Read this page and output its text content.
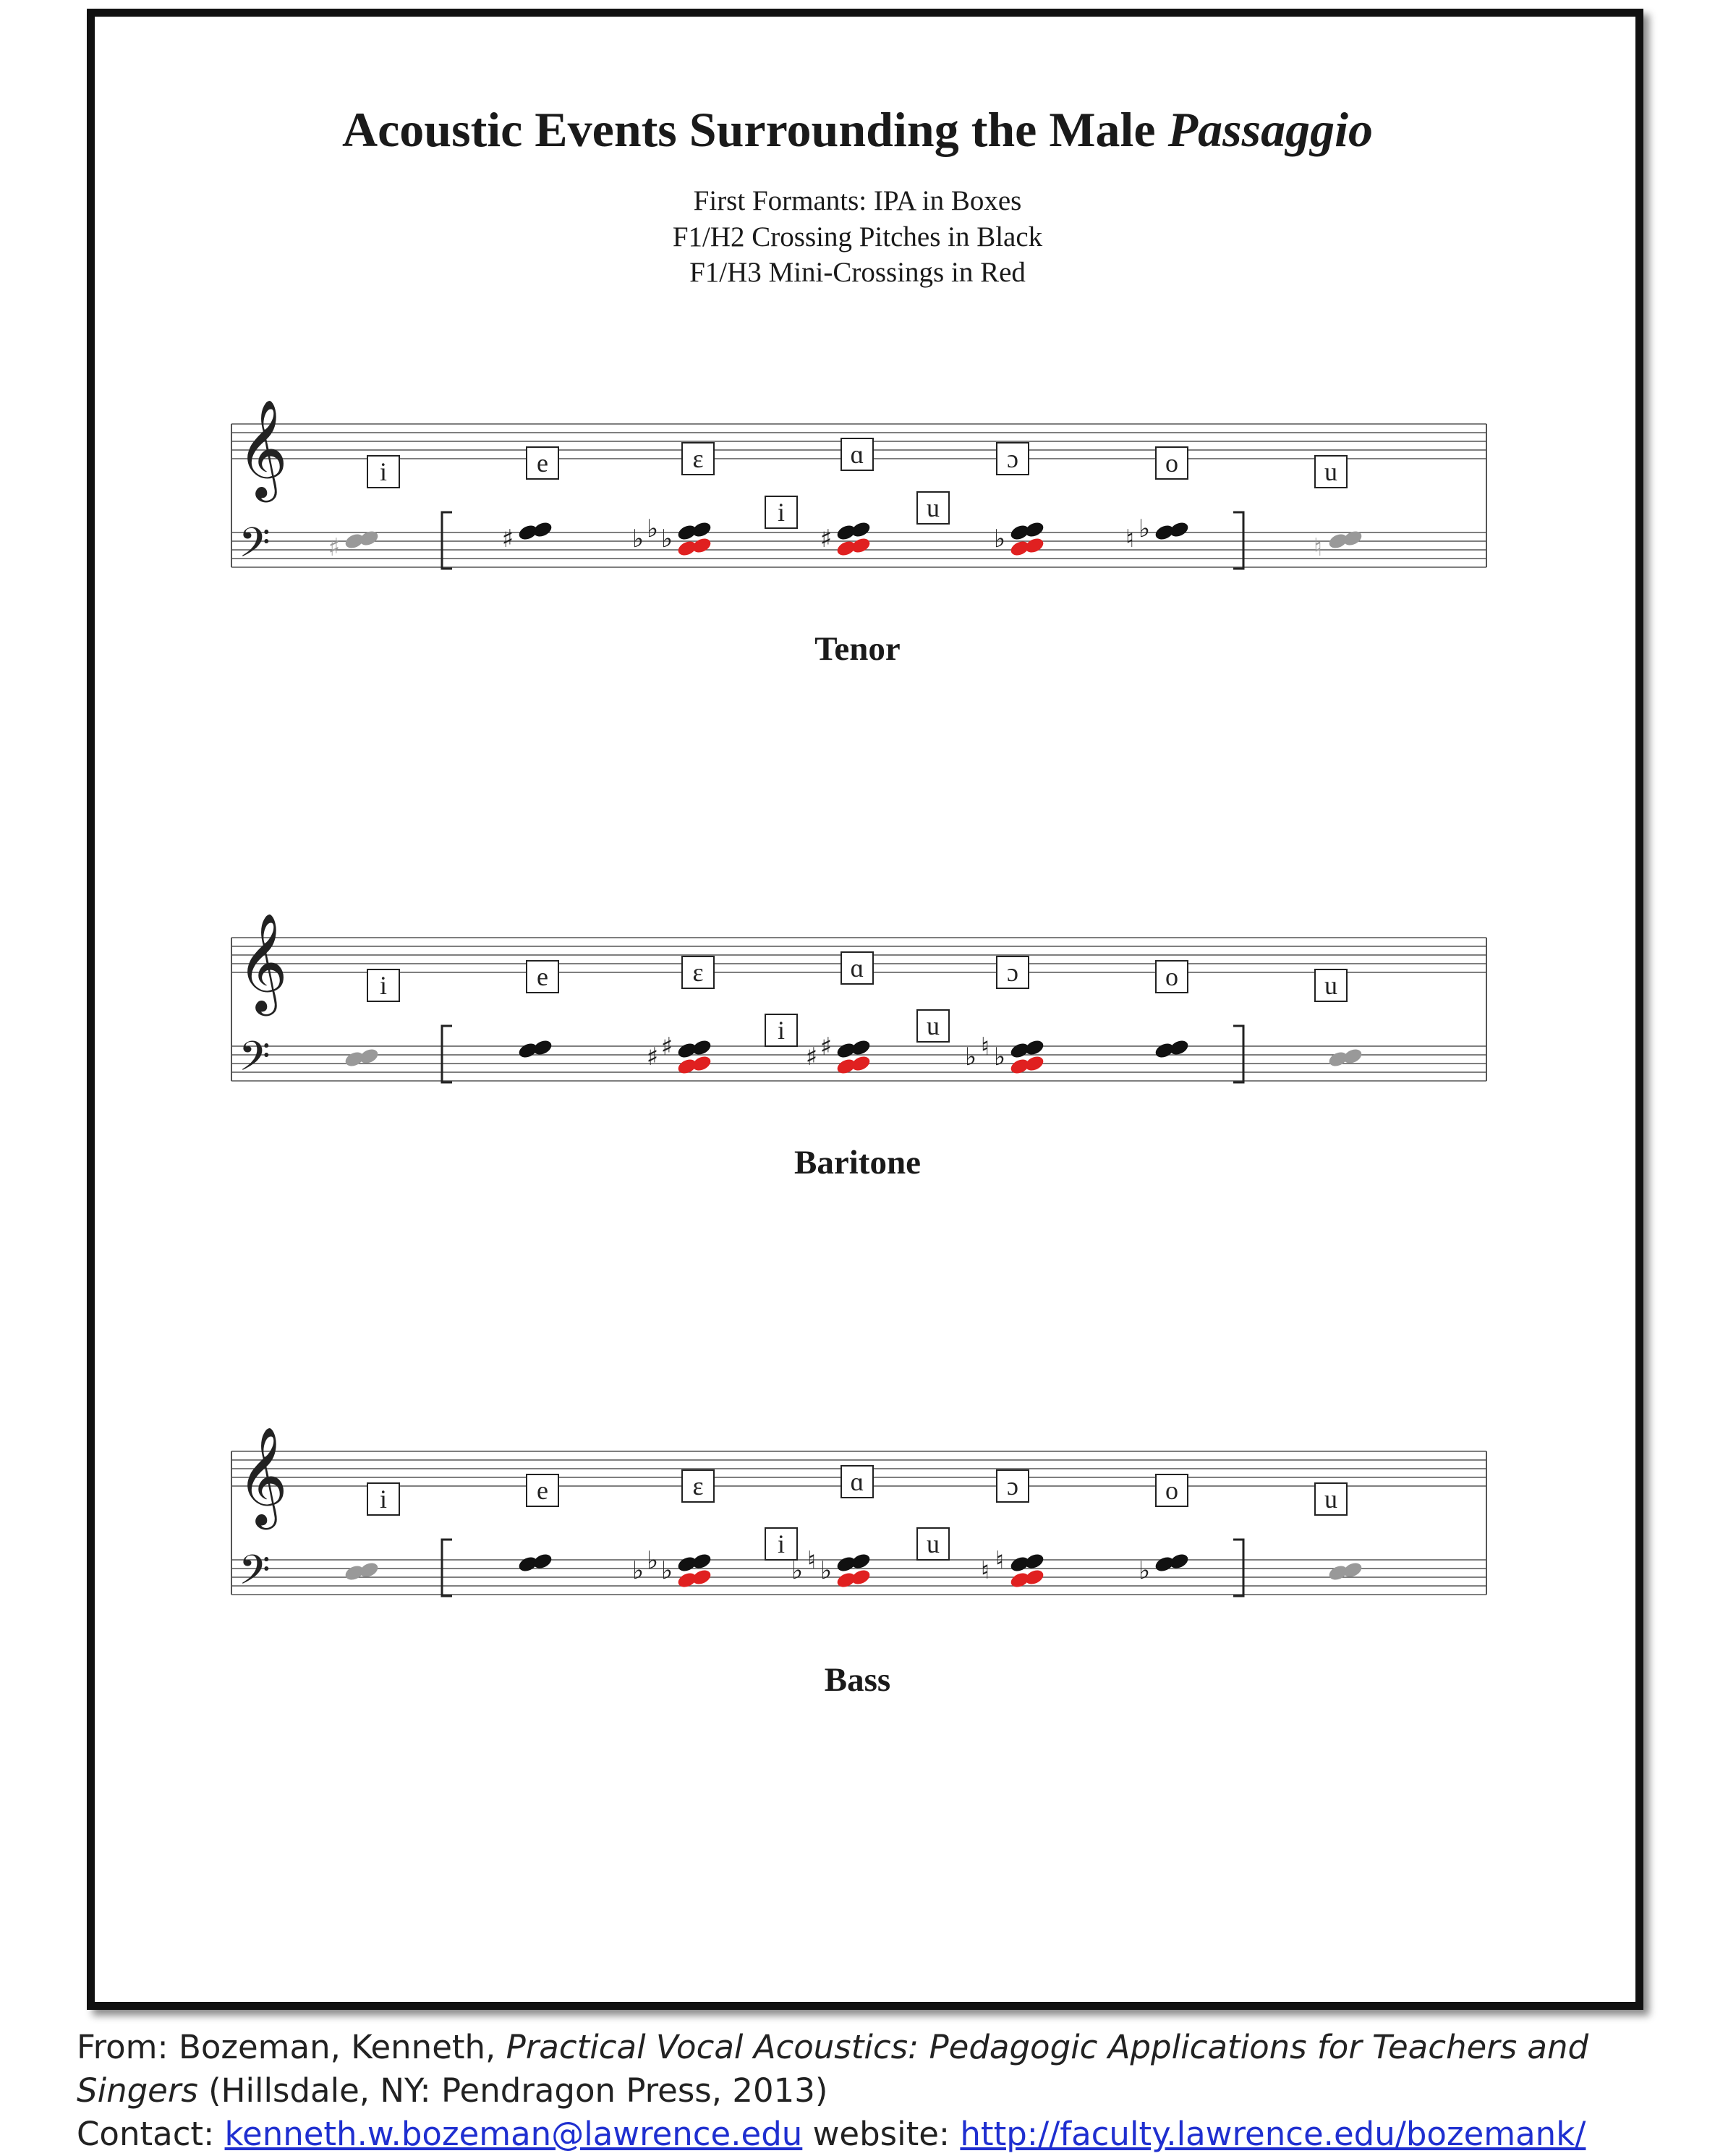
Acoustic Events Surrounding the Male Passaggio
First Formants: IPA in Boxes
F1/H2 Crossing Pitches in Black
F1/H3 Mini-Crossings in Red
𝄞
𝄢
i	e	ɛ	ɑ	ɔ	o	u
i	u
♯	♯	♭ ♭ ♭	♯	♭	♮ ♭
♮
Tenor
𝄞
𝄢
i	e	ɛ	ɑ	ɔ	o	u
i	u
♯ ♯	♯ ♯	♭ ♮ ♭
Baritone
𝄞
𝄢
i	e	ɛ	ɑ	ɔ	o	u
i	u
♭ ♭ ♭	♭ ♮ ♭	♮ ♮	♭
Bass
From: Bozeman, Kenneth, Practical Vocal Acoustics: Pedagogic Applications for Teachers and Singers (Hillsdale, NY: Pendragon Press, 2013)
Contact: kenneth.w.bozeman@lawrence.edu website: http://faculty.lawrence.edu/bozemank/
